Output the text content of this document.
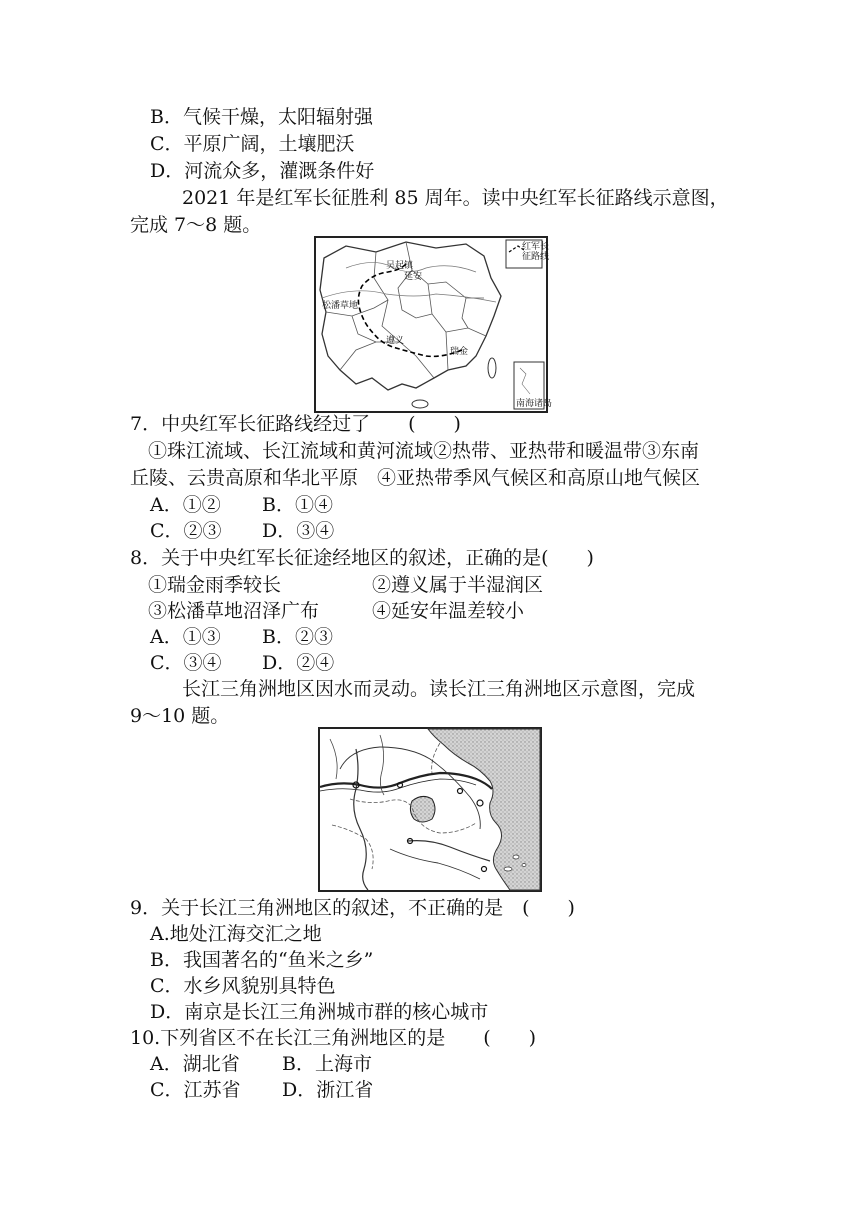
B．气候干燥，太阳辐射强
C．平原广阔，土壤肥沃
D．河流众多，灌溉条件好
2021 年是红军长征胜利 85 周年。读中央红军长征路线示意图，
完成 7～8 题。
红军长
征路线
南海诸岛
吴起镇
延安
松潘草地
遵义
瑞金
7．中央红军长征路线经过了　　(　　)
①珠江流域、长江流域和黄河流域②热带、亚热带和暖温带③东南
丘陵、云贵高原和华北平原　④亚热带季风气候区和高原山地气候区
A．①② B．①④
C．②③ D．③④
8．关于中央红军长征途经地区的叙述，正确的是(　　)
①瑞金雨季较长	②遵义属于半湿润区
③松潘草地沼泽广布	④延安年温差较小
A．①③ B．②③
C．③④ D．②④
长江三角洲地区因水而灵动。读长江三角洲地区示意图，完成
9～10 题。
9．关于长江三角洲地区的叙述，不正确的是　(　　)
A.地处江海交汇之地
B．我国著名的“鱼米之乡”
C．水乡风貌别具特色
D．南京是长江三角洲城市群的核心城市
10.下列省区不在长江三角洲地区的是　　(　　)
A．湖北省 B．上海市
C．江苏省 D．浙江省
